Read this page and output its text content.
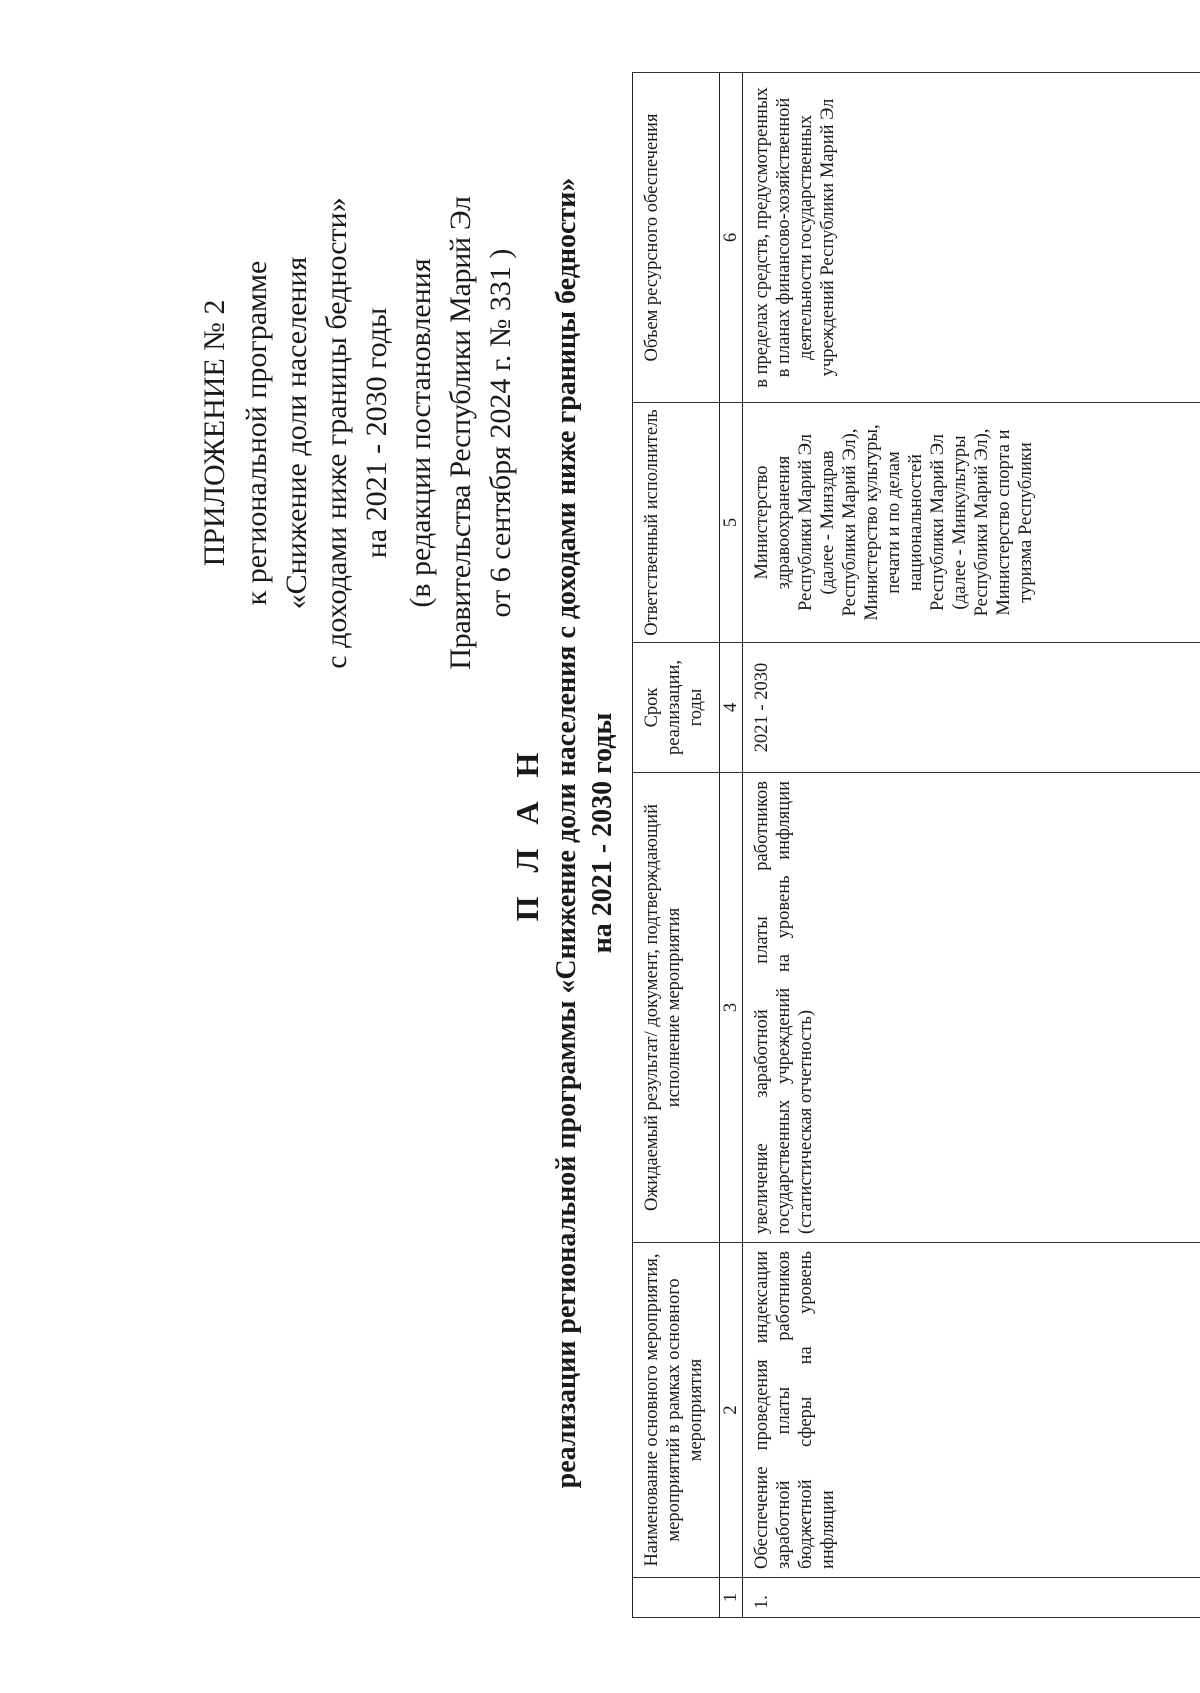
ПРИЛОЖЕНИЕ № 2 к региональной программе «Снижение доли населения с доходами ниже границы бедности» на 2021 - 2030 годы (в редакции постановления Правительства Республики Марий Эл от 6 сентября 2024 г. № 331 )
П Л А Н реализации региональной программы «Снижение доли населения с доходами ниже границы бедности» на 2021 - 2030 годы
	Наименование основного мероприятия, мероприятий в рамках основного мероприятия	Ожидаемый результат/ документ, подтверждающий исполнение мероприятия	Срок реализации, годы	Ответственный исполнитель	Объем ресурсного обеспечения
1	2	3	4	5	6
1.	Обеспечение проведения индексации заработной платы работников бюджетной сферы на уровень инфляции	увеличение заработной платы работников государственных учреждений на уровень инфляции (статистическая отчетность)	2021 - 2030	Министерство здравоохранения Республики Марий Эл (далее - Минздрав Республики Марий Эл), Министерство культуры, печати и по делам национальностей Республики Марий Эл (далее - Минкультуры Республики Марий Эл), Министерство спорта и туризма Республики	в пределах средств, предусмотренных в планах финансово-хозяйственной деятельности государственных учреждений Республики Марий Эл
